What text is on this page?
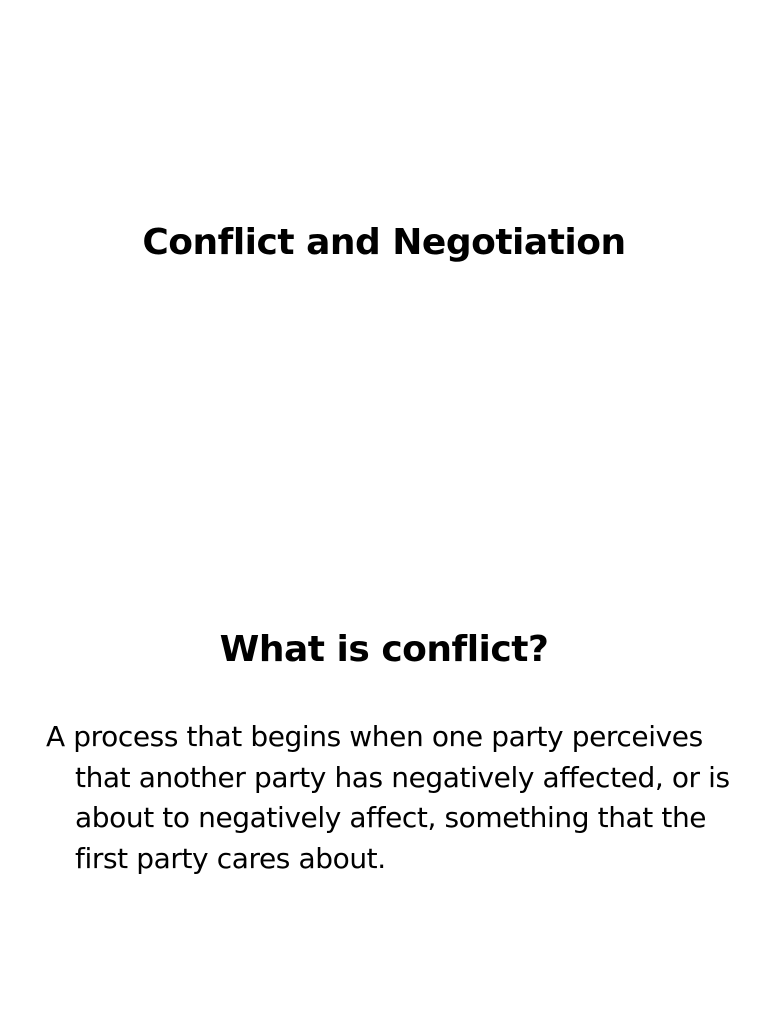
Conflict and Negotiation
What is conflict?

A process that begins when one party perceives that another party has negatively affected, or is about to negatively affect, something that the first party cares about.
